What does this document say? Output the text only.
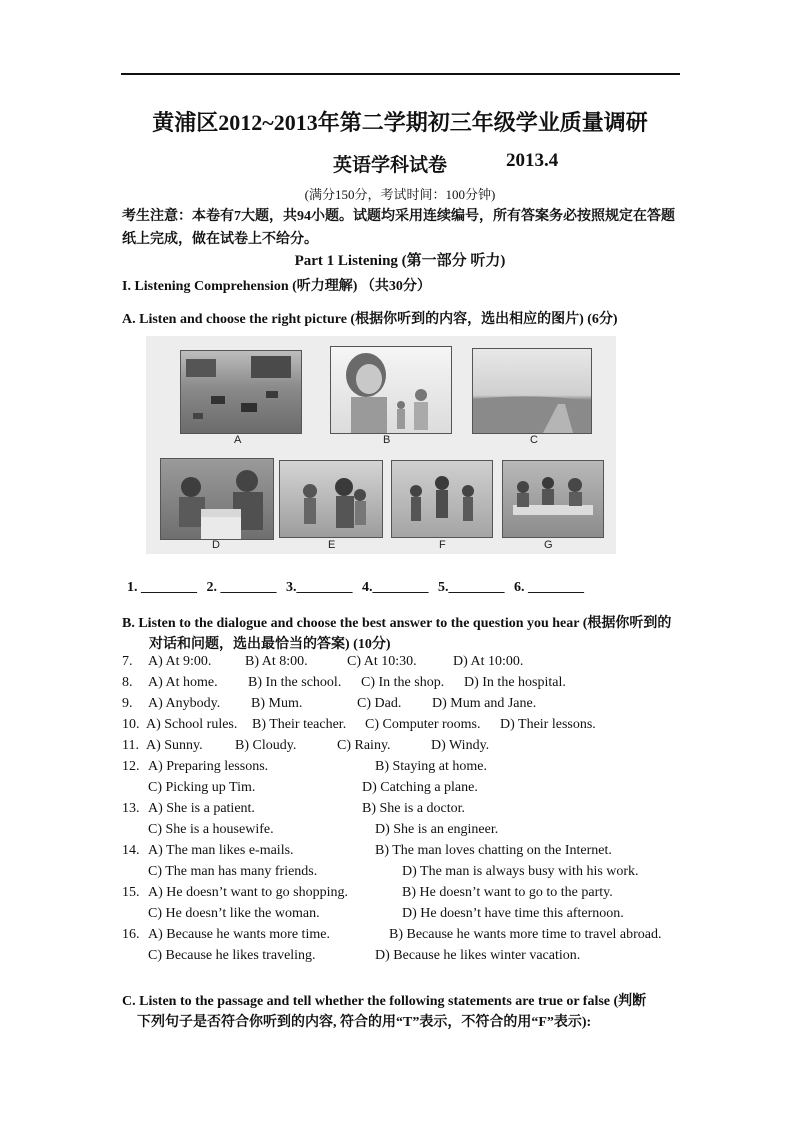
黄浦区2012~2013年第二学期初三年级学业质量调研
英语学科试卷	2013.4
(满分150分，考试时间：100分钟)
考生注意：本卷有7大题，共94小题。试题均采用连续编号，所有答案务必按照规定在答题
纸上完成，做在试卷上不给分。
Part 1 Listening (第一部分 听力)
I. Listening Comprehension (听力理解) （共30分）
A. Listen and choose the right picture (根据你听到的内容，选出相应的图片) (6分)
A	B	C
D	E	F	G
1. ________ 2. ________ 3.________ 4.________ 5.________ 6. ________
B. Listen to the dialogue and choose the best answer to the question you hear (根据你听到的
对话和问题，选出最恰当的答案) (10分)
7. A) At 9:00. B) At 8:00.	C) At 10:30.	D) At 10:00.
8. A) At home. B) In the school. C) In the shop. D) In the hospital.
9. A) Anybody. B) Mum.	C) Dad. D) Mum and Jane.
10. A) School rules. B) Their teacher. C) Computer rooms. D) Their lessons.
11. A) Sunny. B) Cloudy.	C) Rainy.	D) Windy.
12. A) Preparing lessons.	B) Staying at home.
C) Picking up Tim.	D) Catching a plane.
13. A) She is a patient.	B) She is a doctor.
C) She is a housewife.	D) She is an engineer.
14. A) The man likes e-mails.	B) The man loves chatting on the Internet.
C) The man has many friends.	D) The man is always busy with his work.
15. A) He doesn’t want to go shopping.	B) He doesn’t want to go to the party.
C) He doesn’t like the woman.	D) He doesn’t have time this afternoon.
16. A) Because he wants more time.	B) Because he wants more time to travel abroad.
C) Because he likes traveling.	D) Because he likes winter vacation.
C. Listen to the passage and tell whether the following statements are true or false (判断
下列句子是否符合你听到的内容, 符合的用“T”表示，不符合的用“F”表示):
